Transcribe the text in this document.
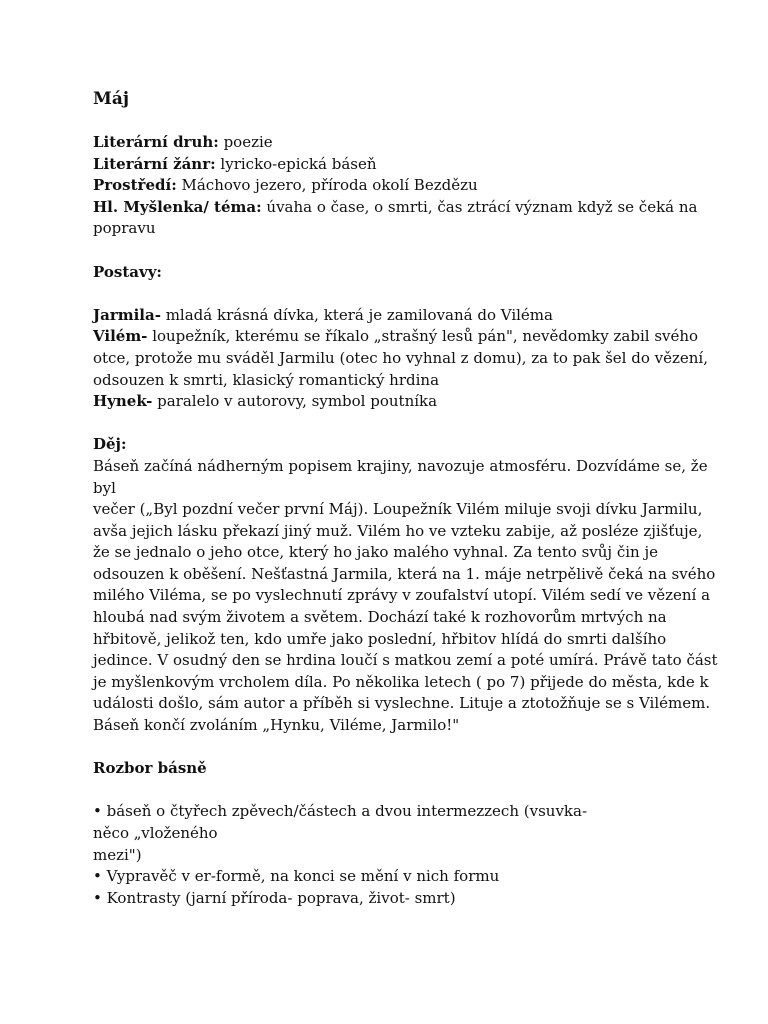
Máj
Literární druh: poezie
Literární žánr: lyricko-epická báseň
Prostředí: Máchovo jezero, příroda okolí Bezdězu
Hl. Myšlenka/ téma: úvaha o čase, o smrti, čas ztrácí význam když se čeká na
popravu
Postavy:
Jarmila- mladá krásná dívka, která je zamilovaná do Viléma
Vilém- loupežník, kterému se říkalo „strašný lesů pán", nevědomky zabil svého
otce, protože mu sváděl Jarmilu (otec ho vyhnal z domu), za to pak šel do vězení,
odsouzen k smrti, klasický romantický hrdina
Hynek- paralelo v autorovy, symbol poutníka
Děj:
Báseň začíná nádherným popisem krajiny, navozuje atmosféru. Dozvídáme se, že
byl
večer („Byl pozdní večer první Máj). Loupežník Vilém miluje svoji dívku Jarmilu,
avša jejich lásku překazí jiný muž. Vilém ho ve vzteku zabije, až posléze zjišťuje,
že se jednalo o jeho otce, který ho jako malého vyhnal. Za tento svůj čin je
odsouzen k oběšení. Nešťastná Jarmila, která na 1. máje netrpělivě čeká na svého
milého Viléma, se po vyslechnutí zprávy v zoufalství utopí. Vilém sedí ve vězení a
hloubá nad svým životem a světem. Dochází také k rozhovorům mrtvých na
hřbitově, jelikož ten, kdo umře jako poslední, hřbitov hlídá do smrti dalšího
jedince. V osudný den se hrdina loučí s matkou zemí a poté umírá. Právě tato část
je myšlenkovým vrcholem díla. Po několika letech ( po 7) přijede do města, kde k
události došlo, sám autor a příběh si vyslechne. Lituje a ztotožňuje se s Vilémem.
Báseň končí zvoláním „Hynku, Viléme, Jarmilo!"
Rozbor básně
• báseň o čtyřech zpěvech/částech a dvou intermezzech (vsuvka-
něco „vloženého
mezi")
• Vypravěč v er-formě, na konci se mění v nich formu
• Kontrasty (jarní příroda- poprava, život- smrt)
